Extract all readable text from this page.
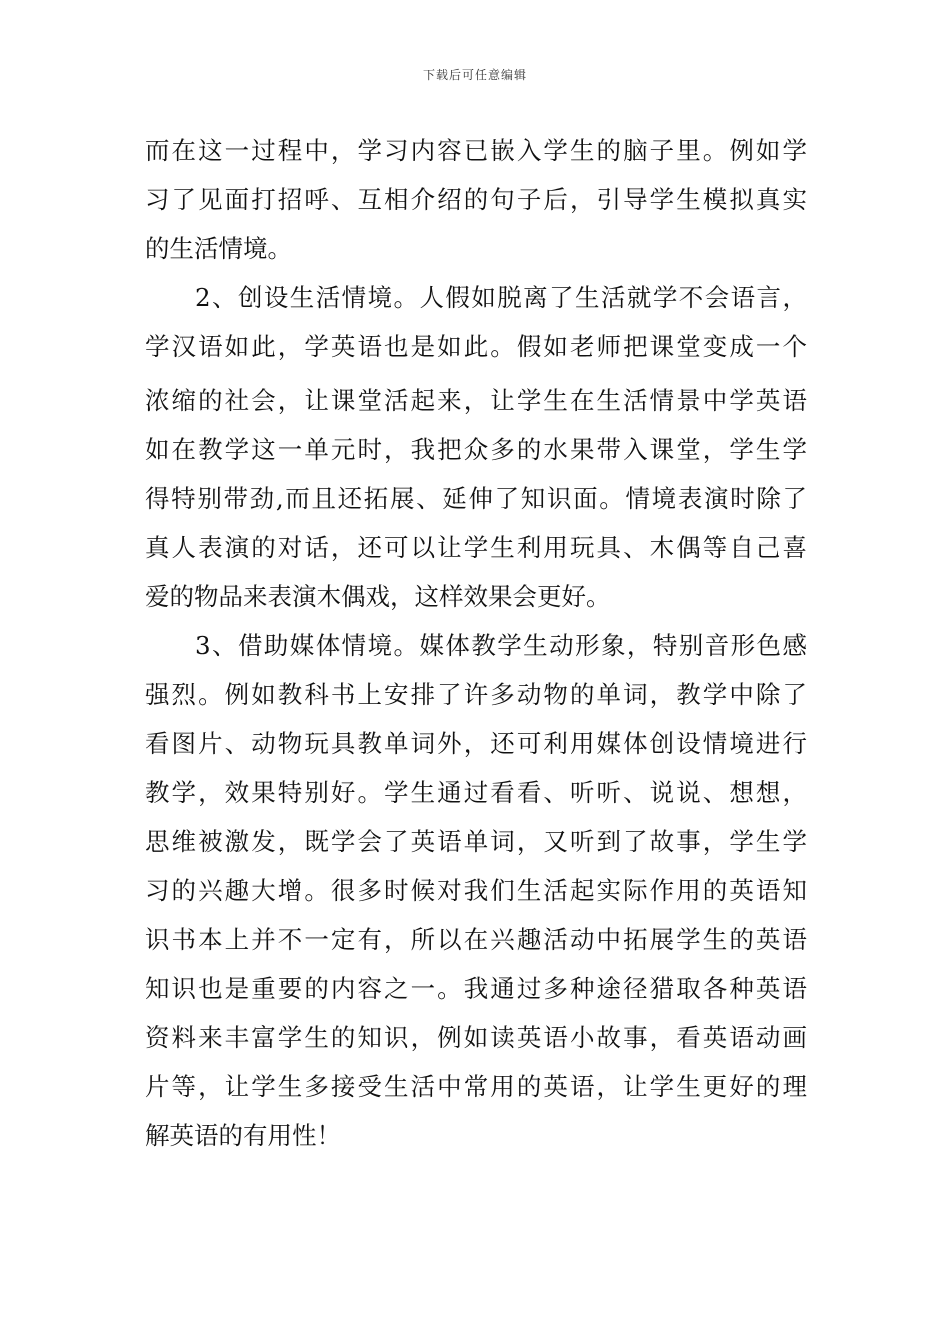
下载后可任意编辑
而在这一过程中，学习内容已嵌入学生的脑子里。例如学
习了见面打招呼、互相介绍的句子后，引导学生模拟真实
的生活情境。
2、创设生活情境。人假如脱离了生活就学不会语言，
学汉语如此，学英语也是如此。假如老师把课堂变成一个
浓缩的社会，让课堂活起来，让学生在生活情景中学英语
如在教学这一单元时，我把众多的水果带入课堂，学生学
得特别带劲,而且还拓展、延伸了知识面。情境表演时除了
真人表演的对话，还可以让学生利用玩具、木偶等自己喜
爱的物品来表演木偶戏，这样效果会更好。
3、借助媒体情境。媒体教学生动形象，特别音形色感
强烈。例如教科书上安排了许多动物的单词，教学中除了
看图片、动物玩具教单词外，还可利用媒体创设情境进行
教学，效果特别好。学生通过看看、听听、说说、想想，
思维被激发，既学会了英语单词，又听到了故事，学生学
习的兴趣大增。很多时候对我们生活起实际作用的英语知
识书本上并不一定有，所以在兴趣活动中拓展学生的英语
知识也是重要的内容之一。我通过多种途径猎取各种英语
资料来丰富学生的知识，例如读英语小故事，看英语动画
片等，让学生多接受生活中常用的英语，让学生更好的理
解英语的有用性！
